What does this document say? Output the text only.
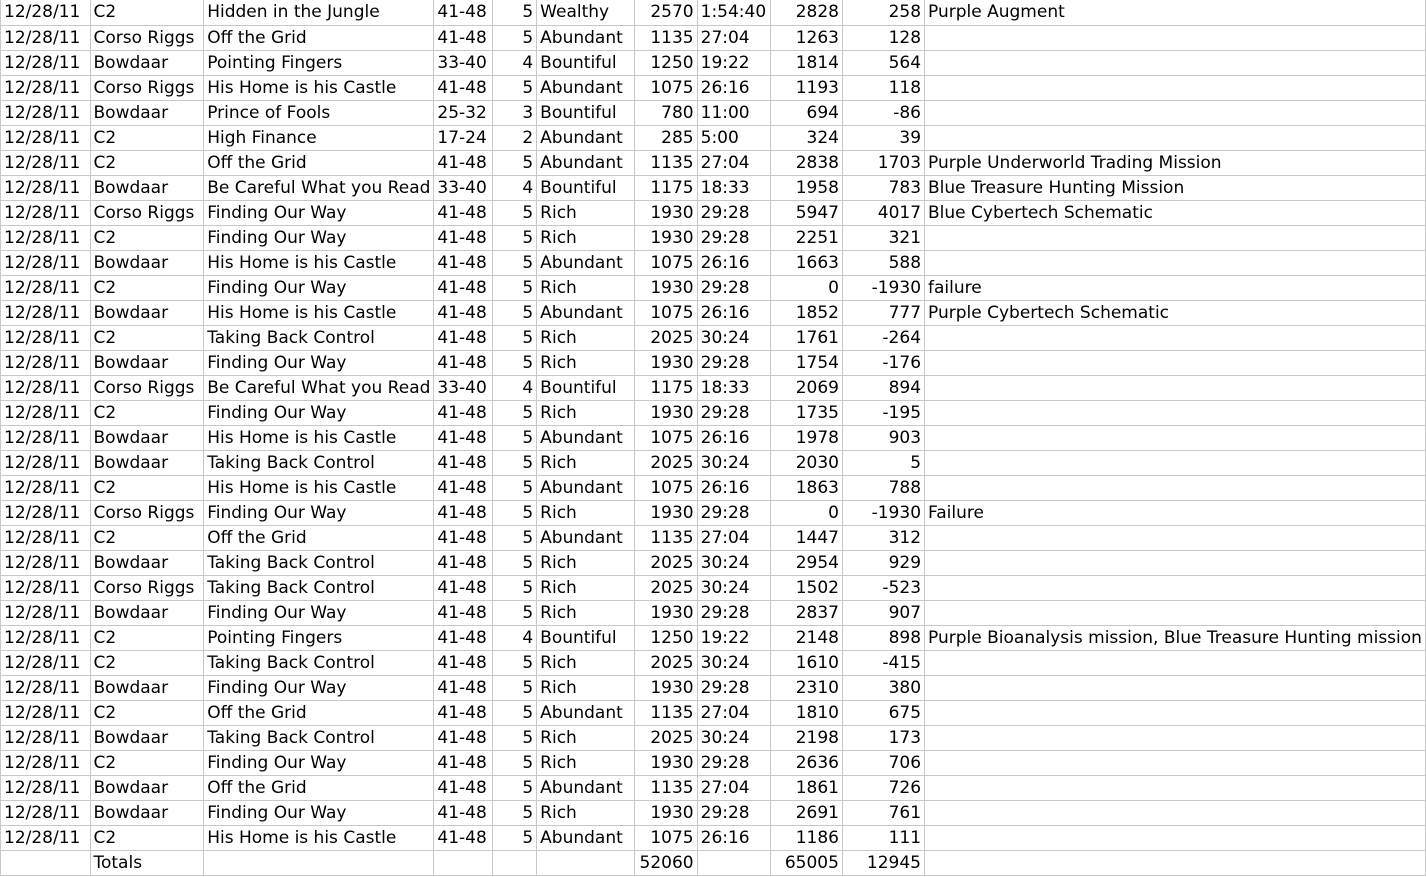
12/28/11	C2	Hidden in the Jungle	41-48	5	Wealthy	2570	1:54:40	2828	258	Purple Augment
12/28/11	Corso Riggs	Off the Grid	41-48	5	Abundant	1135	27:04	1263	128	
12/28/11	Bowdaar	Pointing Fingers	33-40	4	Bountiful	1250	19:22	1814	564	
12/28/11	Corso Riggs	His Home is his Castle	41-48	5	Abundant	1075	26:16	1193	118	
12/28/11	Bowdaar	Prince of Fools	25-32	3	Bountiful	780	11:00	694	-86	
12/28/11	C2	High Finance	17-24	2	Abundant	285	5:00	324	39	
12/28/11	C2	Off the Grid	41-48	5	Abundant	1135	27:04	2838	1703	Purple Underworld Trading Mission
12/28/11	Bowdaar	Be Careful What you Read	33-40	4	Bountiful	1175	18:33	1958	783	Blue Treasure Hunting Mission
12/28/11	Corso Riggs	Finding Our Way	41-48	5	Rich	1930	29:28	5947	4017	Blue Cybertech Schematic
12/28/11	C2	Finding Our Way	41-48	5	Rich	1930	29:28	2251	321	
12/28/11	Bowdaar	His Home is his Castle	41-48	5	Abundant	1075	26:16	1663	588	
12/28/11	C2	Finding Our Way	41-48	5	Rich	1930	29:28	0	-1930	failure
12/28/11	Bowdaar	His Home is his Castle	41-48	5	Abundant	1075	26:16	1852	777	Purple Cybertech Schematic
12/28/11	C2	Taking Back Control	41-48	5	Rich	2025	30:24	1761	-264	
12/28/11	Bowdaar	Finding Our Way	41-48	5	Rich	1930	29:28	1754	-176	
12/28/11	Corso Riggs	Be Careful What you Read	33-40	4	Bountiful	1175	18:33	2069	894	
12/28/11	C2	Finding Our Way	41-48	5	Rich	1930	29:28	1735	-195	
12/28/11	Bowdaar	His Home is his Castle	41-48	5	Abundant	1075	26:16	1978	903	
12/28/11	Bowdaar	Taking Back Control	41-48	5	Rich	2025	30:24	2030	5	
12/28/11	C2	His Home is his Castle	41-48	5	Abundant	1075	26:16	1863	788	
12/28/11	Corso Riggs	Finding Our Way	41-48	5	Rich	1930	29:28	0	-1930	Failure
12/28/11	C2	Off the Grid	41-48	5	Abundant	1135	27:04	1447	312	
12/28/11	Bowdaar	Taking Back Control	41-48	5	Rich	2025	30:24	2954	929	
12/28/11	Corso Riggs	Taking Back Control	41-48	5	Rich	2025	30:24	1502	-523	
12/28/11	Bowdaar	Finding Our Way	41-48	5	Rich	1930	29:28	2837	907	
12/28/11	C2	Pointing Fingers	41-48	4	Bountiful	1250	19:22	2148	898	Purple Bioanalysis mission, Blue Treasure Hunting mission
12/28/11	C2	Taking Back Control	41-48	5	Rich	2025	30:24	1610	-415	
12/28/11	Bowdaar	Finding Our Way	41-48	5	Rich	1930	29:28	2310	380	
12/28/11	C2	Off the Grid	41-48	5	Abundant	1135	27:04	1810	675	
12/28/11	Bowdaar	Taking Back Control	41-48	5	Rich	2025	30:24	2198	173	
12/28/11	C2	Finding Our Way	41-48	5	Rich	1930	29:28	2636	706	
12/28/11	Bowdaar	Off the Grid	41-48	5	Abundant	1135	27:04	1861	726	
12/28/11	Bowdaar	Finding Our Way	41-48	5	Rich	1930	29:28	2691	761	
12/28/11	C2	His Home is his Castle	41-48	5	Abundant	1075	26:16	1186	111	
	Totals					52060		65005	12945	
